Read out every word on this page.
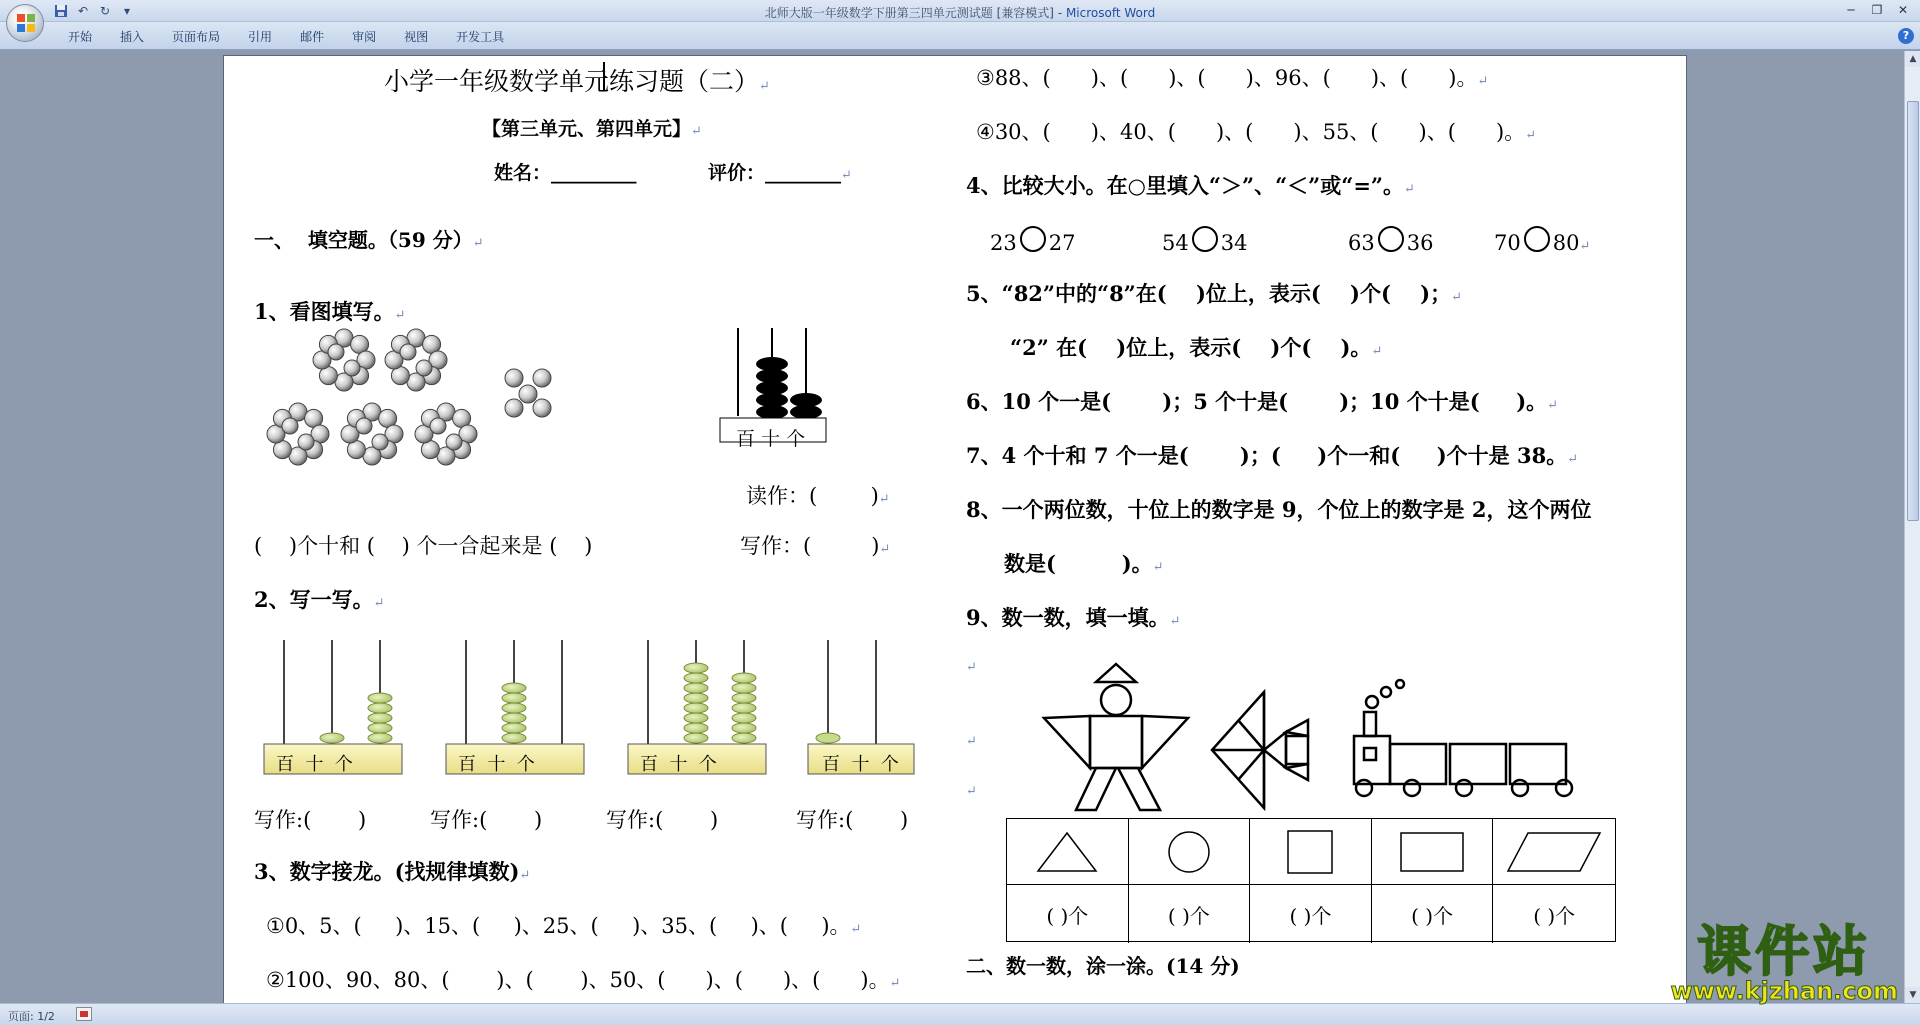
↶ ↻	▾	北师大版一年级数学下册第三四单元测试题 [兼容模式] - Microsoft Word	─	❐	✕
开始	插入	页面布局	引用	邮件	审阅	视图	开发工具	?
小学一年级数学单元练习题（二） ↵
【第三单元、第四单元】 ↵
姓名：_________	评价：________ ↵
一、  填空题。（59 分） ↵
1、看图填写。 ↵
百 十 个
读作：(        ) ↵
(    )个十和 (    ) 个一合起来是 (    )	写作：(         ) ↵
2、写一写。 ↵
百  十  个	百  十  个	百  十  个	百  十  个
写作:(       )	写作:(       )	写作:(       )	写作:(       )
3、数字接龙。(找规律填数) ↵
①0、5、(     )、15、(     )、25、(     )、35、(     )、(     )。 ↵
②100、90、80、(       )、(       )、50、(      )、(      )、(      )。 ↵
③88、(      )、(      )、(      )、96、(      )、(      )。 ↵
④30、(      )、40、(      )、(      )、55、(      )、(      )。 ↵
4、比较大小。在○里填入“＞”、“＜”或“=”。 ↵
23 27	54 34	63 36	70 80 ↵
5、“82”中的“8”在(    )位上，表示(    )个(    )； ↵
“2” 在(    )位上，表示(    )个(    )。 ↵
6、10 个一是(       )；5 个十是(       )；10 个十是(     )。 ↵
7、4 个十和 7 个一是(       )；(     )个一和(     )个十是 38。 ↵
8、一个两位数，十位上的数字是 9，个位上的数字是 2，这个两位
数是(         )。 ↵
9、数一数，填一填。 ↵
↵
↵
↵
( )个	( )个	( )个	( )个	( )个
二、数一数，涂一涂。(14 分)
▲
▼
页面: 1/2
课件站
www.kjzhan.com
